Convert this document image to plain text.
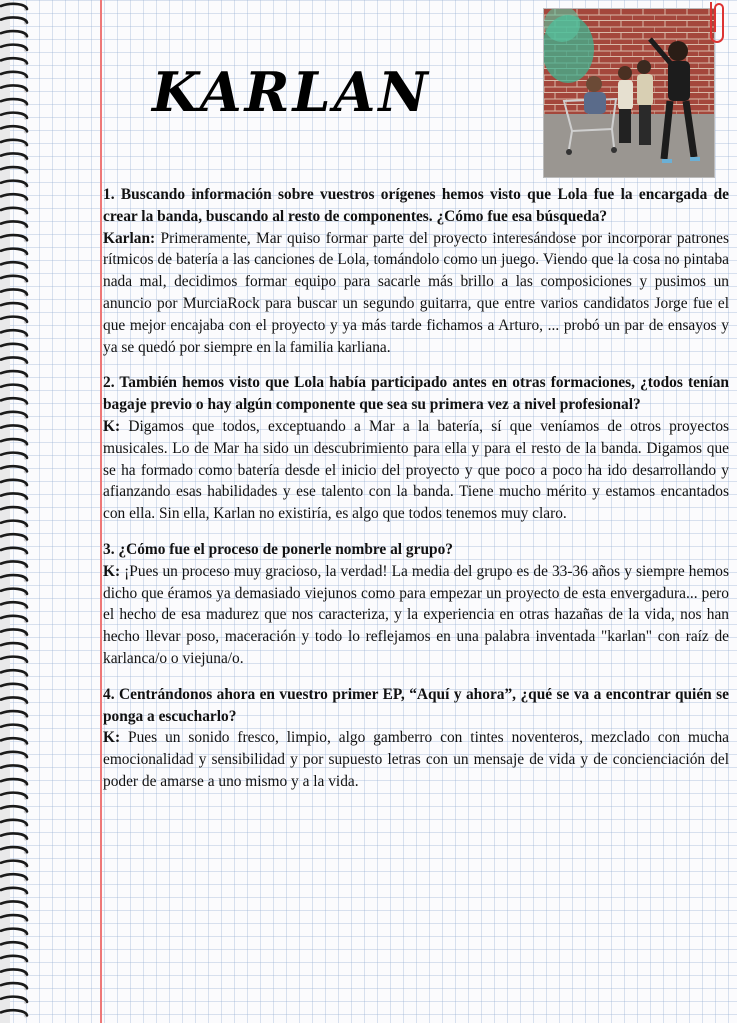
KARLAN

1. Buscando información sobre vuestros orígenes hemos visto que Lola fue la encargada de crear la banda, buscando al resto de componentes. ¿Cómo fue esa búsqueda?

Karlan: Primeramente, Mar quiso formar parte del proyecto interesándose por incorporar patrones rítmicos de batería a las canciones de Lola, tomándolo como un juego. Viendo que la cosa no pintaba nada mal, decidimos formar equipo para sacarle más brillo a las composiciones y pusimos un anuncio por MurciaRock para buscar un segundo guitarra, que entre varios candidatos Jorge fue el que mejor encajaba con el proyecto y ya más tarde fichamos a Arturo, ... probó un par de ensayos y ya se quedó por siempre en la familia karliana.

2. También hemos visto que Lola había participado antes en otras formaciones, ¿todos tenían bagaje previo o hay algún componente que sea su primera vez a nivel profesional?

K: Digamos que todos, exceptuando a Mar a la batería, sí que veníamos de otros proyectos musicales. Lo de Mar ha sido un descubrimiento para ella y para el resto de la banda. Digamos que se ha formado como batería desde el inicio del proyecto y que poco a poco ha ido desarrollando y afianzando esas habilidades y ese talento con la banda. Tiene mucho mérito y estamos encantados con ella. Sin ella, Karlan no existiría, es algo que todos tenemos muy claro.

3. ¿Cómo fue el proceso de ponerle nombre al grupo?

K: ¡Pues un proceso muy gracioso, la verdad! La media del grupo es de 33-36 años y siempre hemos dicho que éramos ya demasiado viejunos como para empezar un proyecto de esta envergadura... pero el hecho de esa madurez que nos caracteriza, y la experiencia en otras hazañas de la vida, nos han hecho llevar poso, maceración y todo lo reflejamos en una palabra inventada "karlan" con raíz de karlanca/o o viejuna/o.

4. Centrándonos ahora en vuestro primer EP, “Aquí y ahora”, ¿qué se va a encontrar quién se ponga a escucharlo?

K: Pues un sonido fresco, limpio, algo gamberro con tintes noventeros, mezclado con mucha emocionalidad y sensibilidad y por supuesto letras con un mensaje de vida y de concienciación del poder de amarse a uno mismo y a la vida.
